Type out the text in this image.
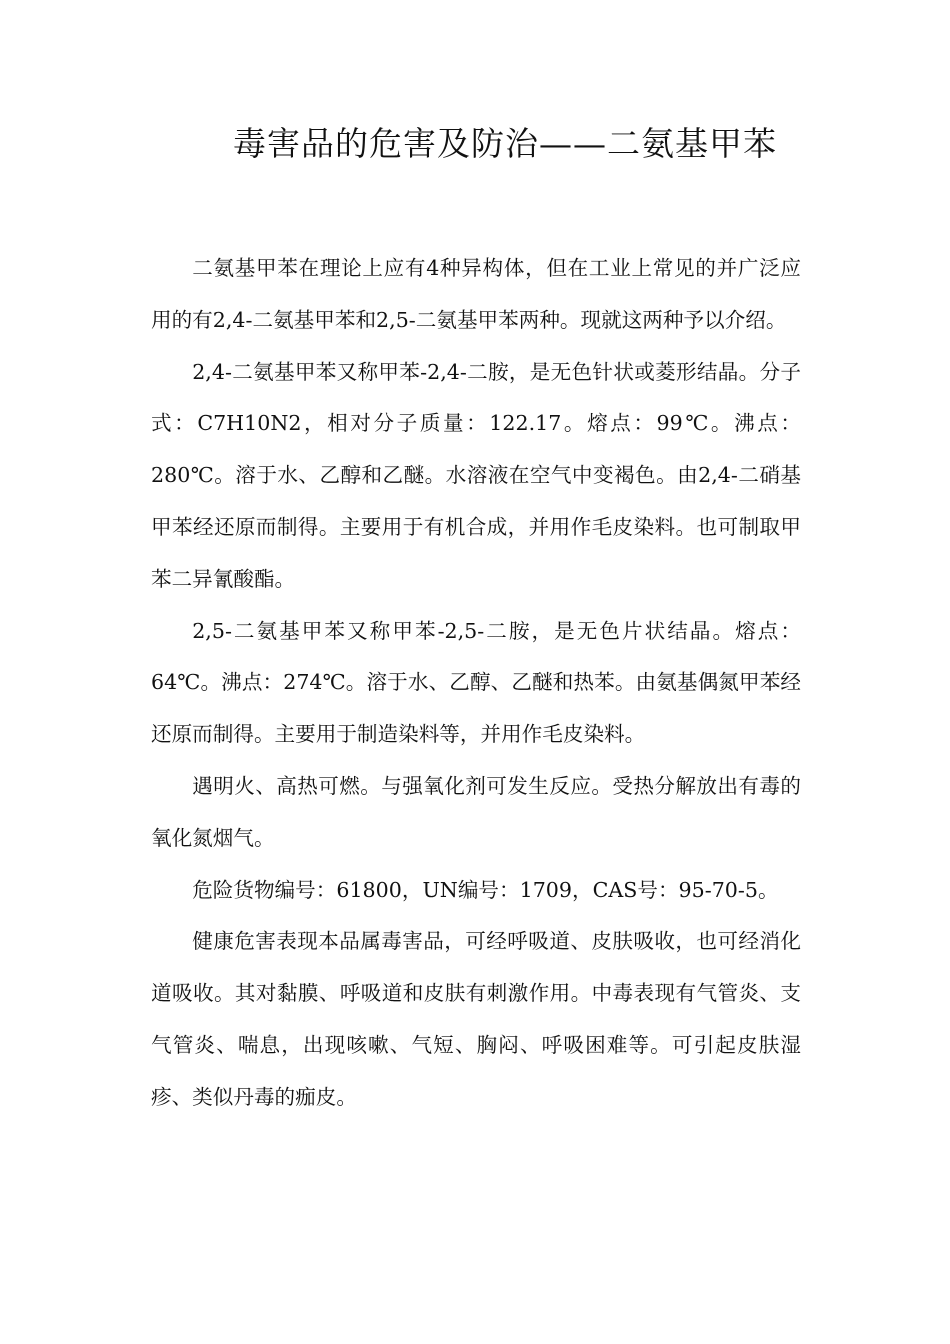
毒害品的危害及防治——二氨基甲苯

二氨基甲苯在理论上应有4种异构体，但在工业上常见的并广泛应用的有2,4-二氨基甲苯和2,5-二氨基甲苯两种。现就这两种予以介绍。

2,4-二氨基甲苯又称甲苯-2,4-二胺，是无色针状或菱形结晶。分子式：C7H10N2，相对分子质量：122.17。熔点：99℃。沸点：280℃。溶于水、乙醇和乙醚。水溶液在空气中变褐色。由2,4-二硝基甲苯经还原而制得。主要用于有机合成，并用作毛皮染料。也可制取甲苯二异氰酸酯。

2,5-二氨基甲苯又称甲苯-2,5-二胺，是无色片状结晶。熔点：64℃。沸点：274℃。溶于水、乙醇、乙醚和热苯。由氨基偶氮甲苯经还原而制得。主要用于制造染料等，并用作毛皮染料。

遇明火、高热可燃。与强氧化剂可发生反应。受热分解放出有毒的氧化氮烟气。

危险货物编号：61800，UN编号：1709，CAS号：95-70-5。

健康危害表现本品属毒害品，可经呼吸道、皮肤吸收，也可经消化道吸收。其对黏膜、呼吸道和皮肤有刺激作用。中毒表现有气管炎、支气管炎、喘息，出现咳嗽、气短、胸闷、呼吸困难等。可引起皮肤湿疹、类似丹毒的痂皮。
